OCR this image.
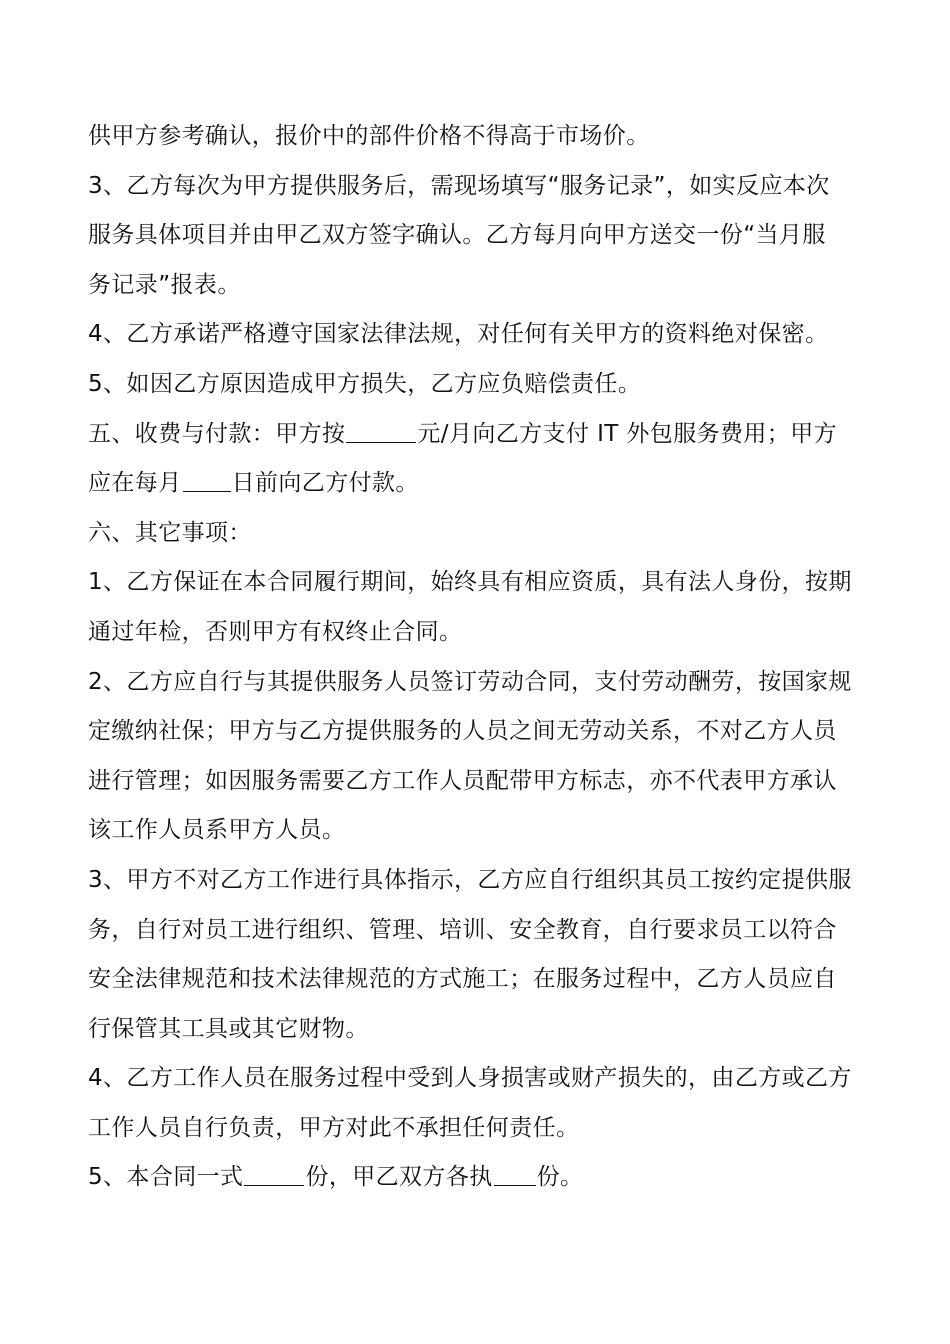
供甲方参考确认，报价中的部件价格不得高于市场价。
3、乙方每次为甲方提供服务后，需现场填写“服务记录”，如实反应本次
服务具体项目并由甲乙双方签字确认。乙方每月向甲方送交一份“当月服
务记录”报表。
4、乙方承诺严格遵守国家法律法规，对任何有关甲方的资料绝对保密。
5、如因乙方原因造成甲方损失，乙方应负赔偿责任。
五、收费与付款：甲方按	元/月向乙方支付 IT 外包服务费用；甲方
应在每月 日前向乙方付款。
六、其它事项：
1、乙方保证在本合同履行期间，始终具有相应资质，具有法人身份，按期
通过年检，否则甲方有权终止合同。
2、乙方应自行与其提供服务人员签订劳动合同，支付劳动酬劳，按国家规
定缴纳社保；甲方与乙方提供服务的人员之间无劳动关系，不对乙方人员
进行管理；如因服务需要乙方工作人员配带甲方标志，亦不代表甲方承认
该工作人员系甲方人员。
3、甲方不对乙方工作进行具体指示，乙方应自行组织其员工按约定提供服
务，自行对员工进行组织、管理、培训、安全教育，自行要求员工以符合
安全法律规范和技术法律规范的方式施工；在服务过程中，乙方人员应自
行保管其工具或其它财物。
4、乙方工作人员在服务过程中受到人身损害或财产损失的，由乙方或乙方
工作人员自行负责，甲方对此不承担任何责任。
5、本合同一式	份，甲乙双方各执 份。
